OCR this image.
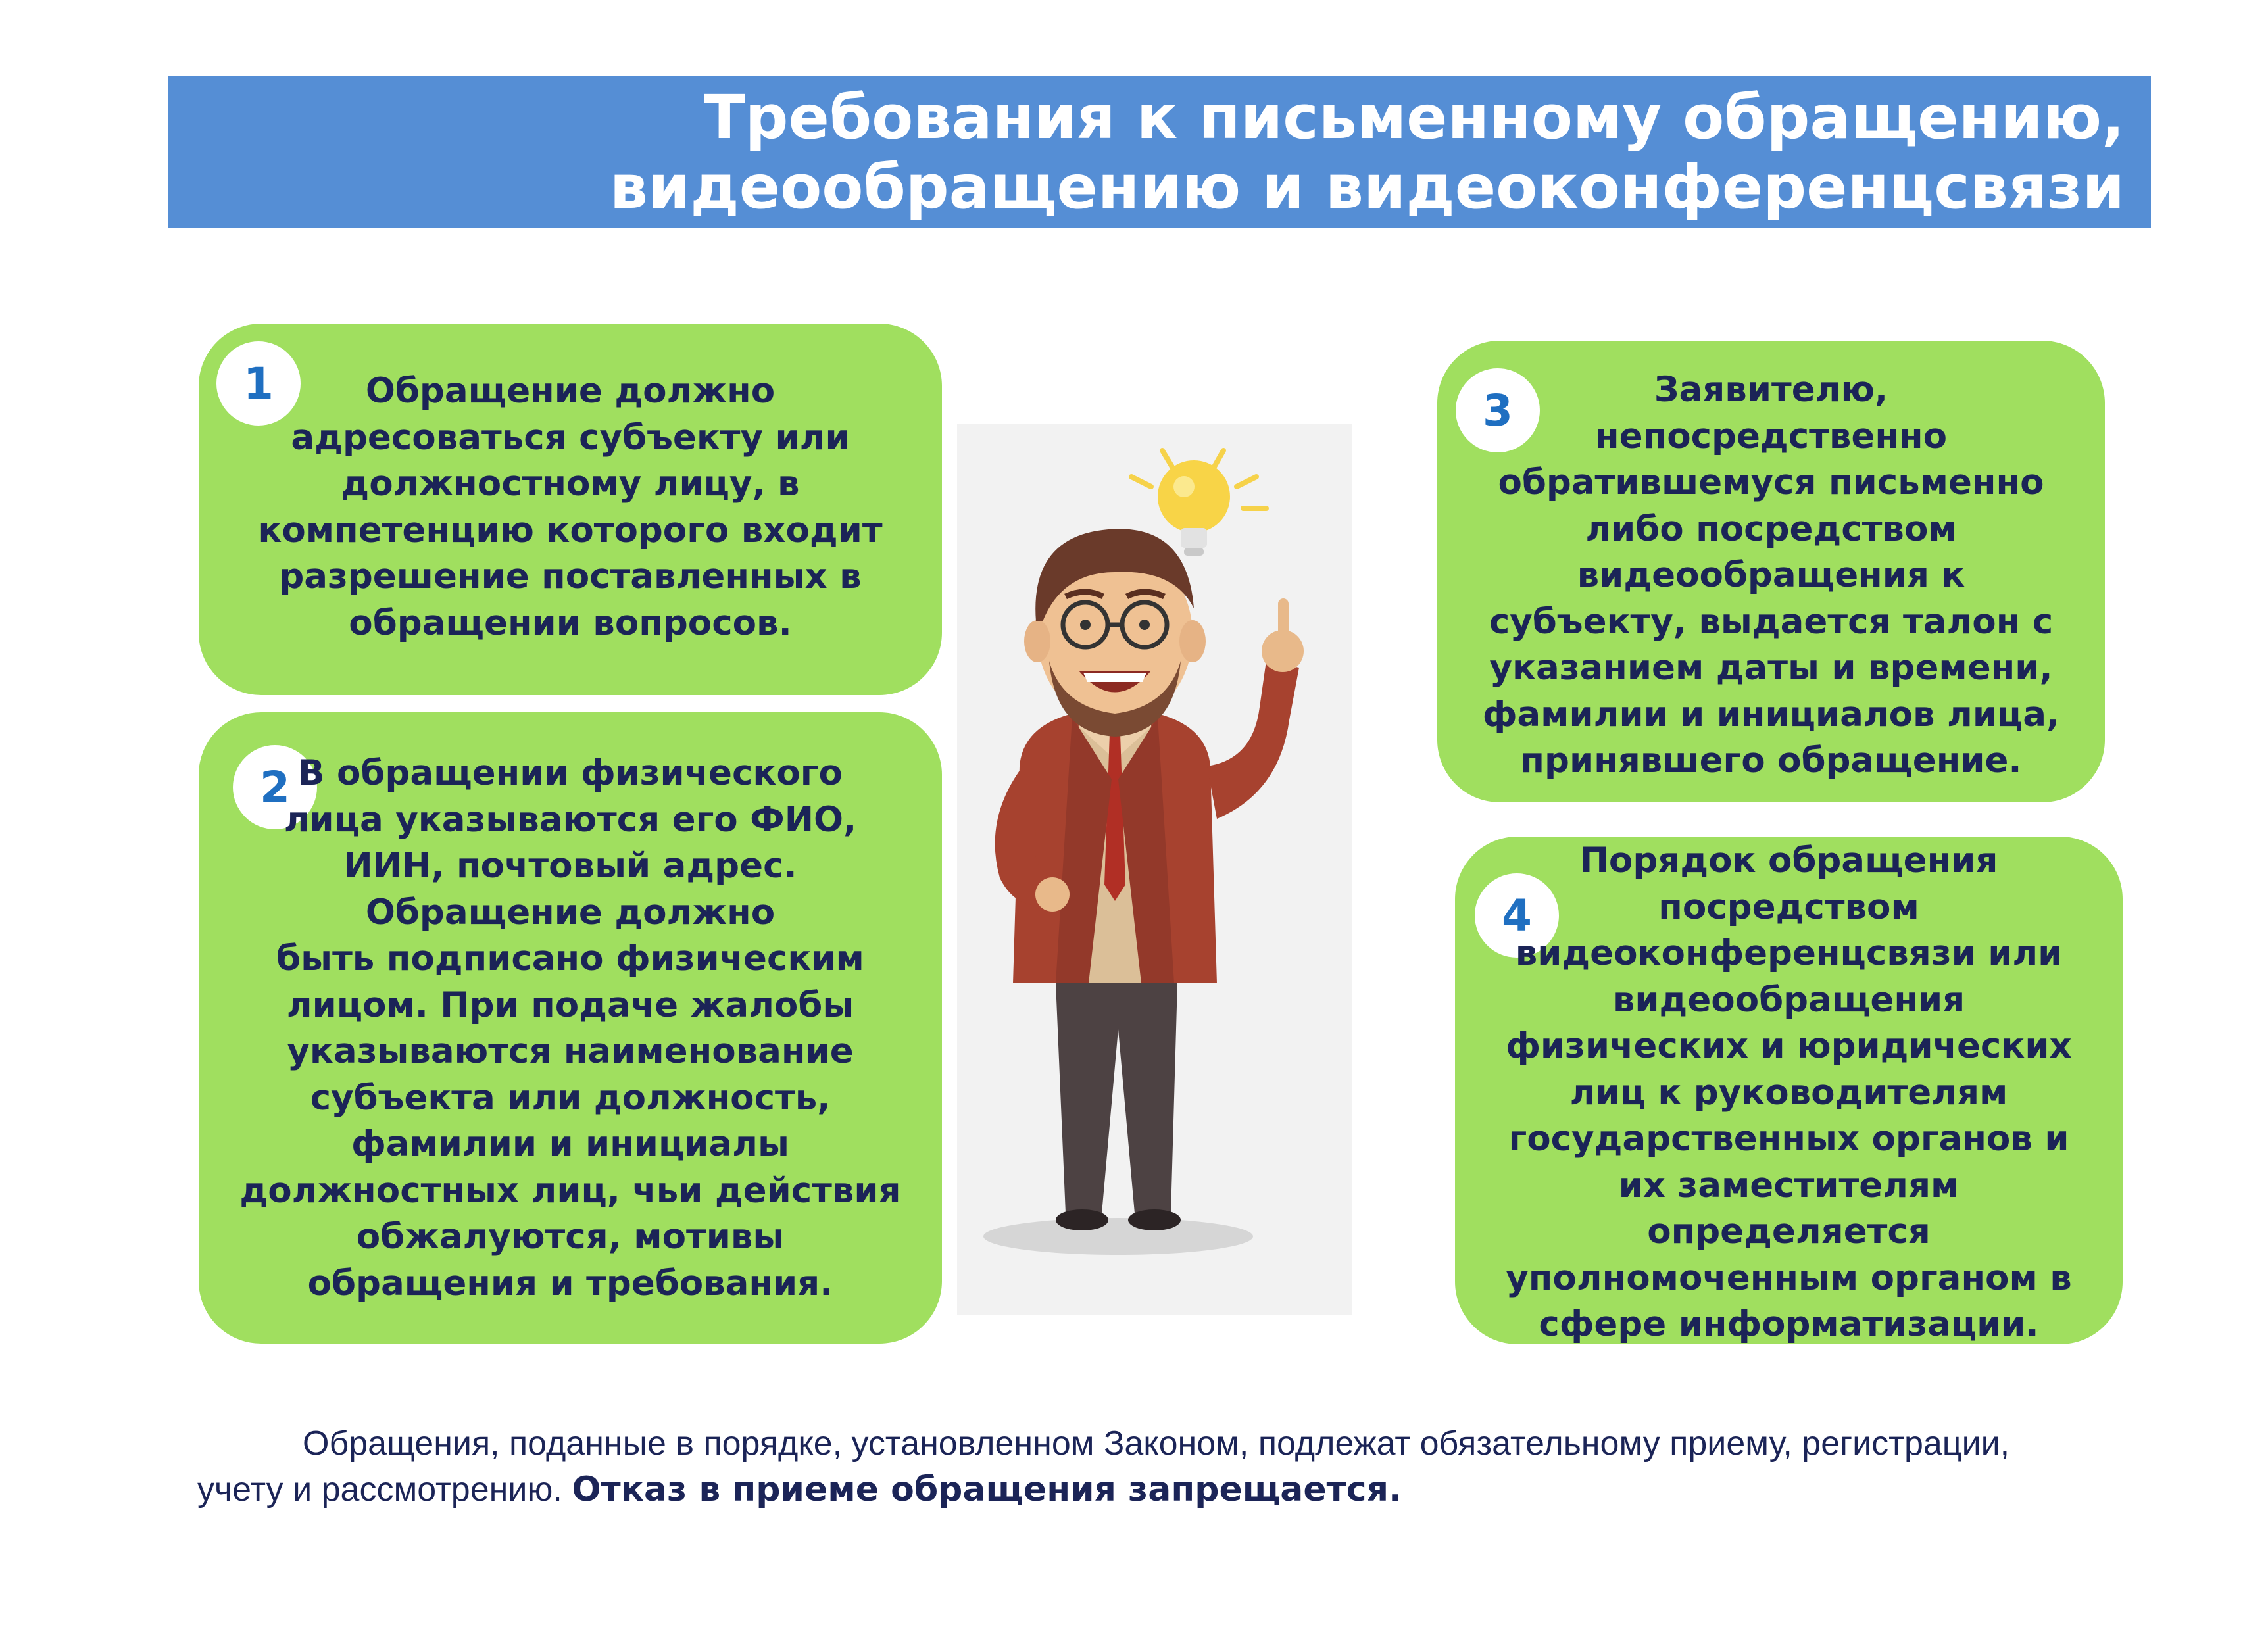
Требования к письменному обращению,
видеообращению и видеоконференцсвязи
1	Обращение должно
адресоваться субъекту или
должностному лицу, в
компетенцию которого входит
разрешение поставленных в
обращении вопросов.
2 В обращении физического
лица указываются его ФИО,
ИИН, почтовый адрес.
Обращение должно
быть подписано физическим
лицом. При подаче жалобы
указываются наименование
субъекта или должность,
фамилии и инициалы
должностных лиц, чьи действия
обжалуются, мотивы
обращения и требования.
3	Заявителю,
непосредственно
обратившемуся письменно
либо посредством
видеообращения к
субъекту, выдается талон с
указанием даты и времени,
фамилии и инициалов лица,
принявшего обращение.
4
Порядок обращения
посредством
видеоконференцсвязи или
видеообращения
физических и юридических
лиц к руководителям
государственных органов и
их заместителям
определяется
уполномоченным органом в
сфере информатизации.
Обращения, поданные в порядке, установленном Законом, подлежат обязательному приему, регистрации, учету и рассмотрению. Отказ в приеме обращения запрещается.
